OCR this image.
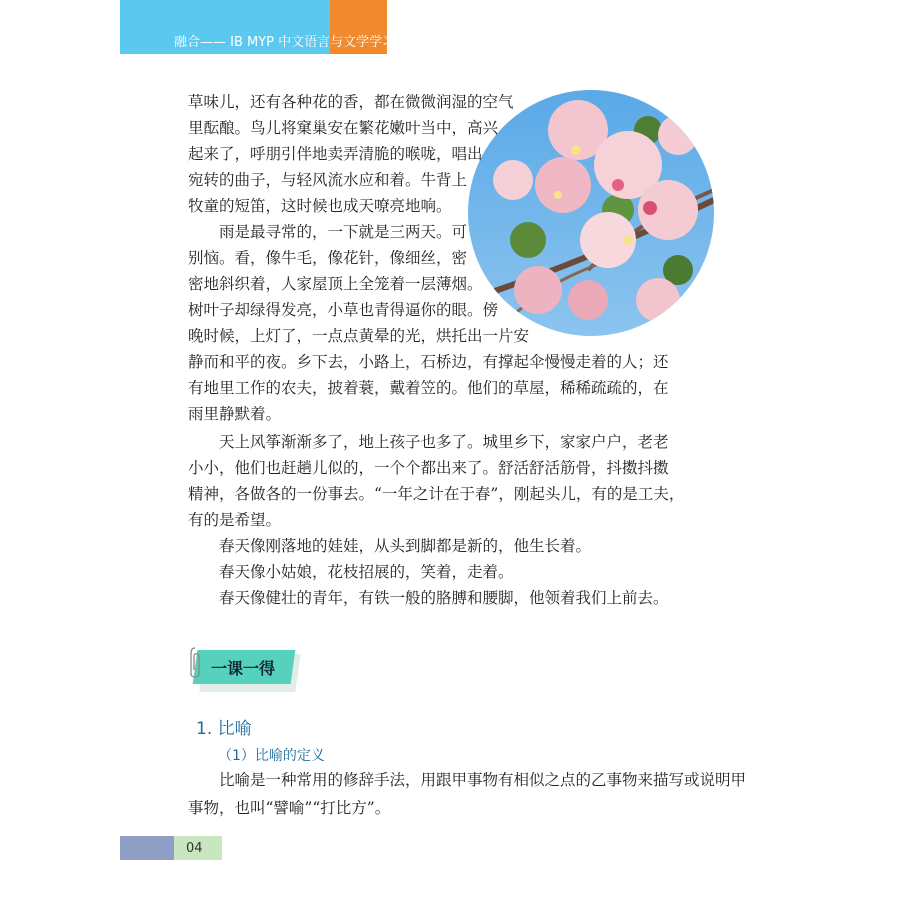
融合—— IB MYP 中文语言与文学学习指导
草味儿，还有各种花的香，都在微微润湿的空气
里酝酿。鸟儿将窠巢安在繁花嫩叶当中，高兴
起来了，呼朋引伴地卖弄清脆的喉咙，唱出
宛转的曲子，与轻风流水应和着。牛背上
牧童的短笛，这时候也成天嘹亮地响。
　　雨是最寻常的，一下就是三两天。可
别恼。看，像牛毛，像花针，像细丝，密
密地斜织着，人家屋顶上全笼着一层薄烟。
树叶子却绿得发亮，小草也青得逼你的眼。傍
晚时候，上灯了，一点点黄晕的光，烘托出一片安
静而和平的夜。乡下去，小路上，石桥边，有撑起伞慢慢走着的人；还
有地里工作的农夫，披着蓑，戴着笠的。他们的草屋，稀稀疏疏的，在
雨里静默着。
　　天上风筝渐渐多了，地上孩子也多了。城里乡下，家家户户，老老
小小，他们也赶趟儿似的，一个个都出来了。舒活舒活筋骨，抖擞抖擞
精神，各做各的一份事去。“一年之计在于春”，刚起头儿，有的是工夫，
有的是希望。
　　春天像刚落地的娃娃，从头到脚都是新的，他生长着。
　　春天像小姑娘，花枝招展的，笑着，走着。
　　春天像健壮的青年，有铁一般的胳膊和腰脚，他领着我们上前去。
一课一得
1. 比喻
（1）比喻的定义
　　比喻是一种常用的修辞手法，用跟甲事物有相似之点的乙事物来描写或说明甲
事物，也叫“譬喻”“打比方”。
04
